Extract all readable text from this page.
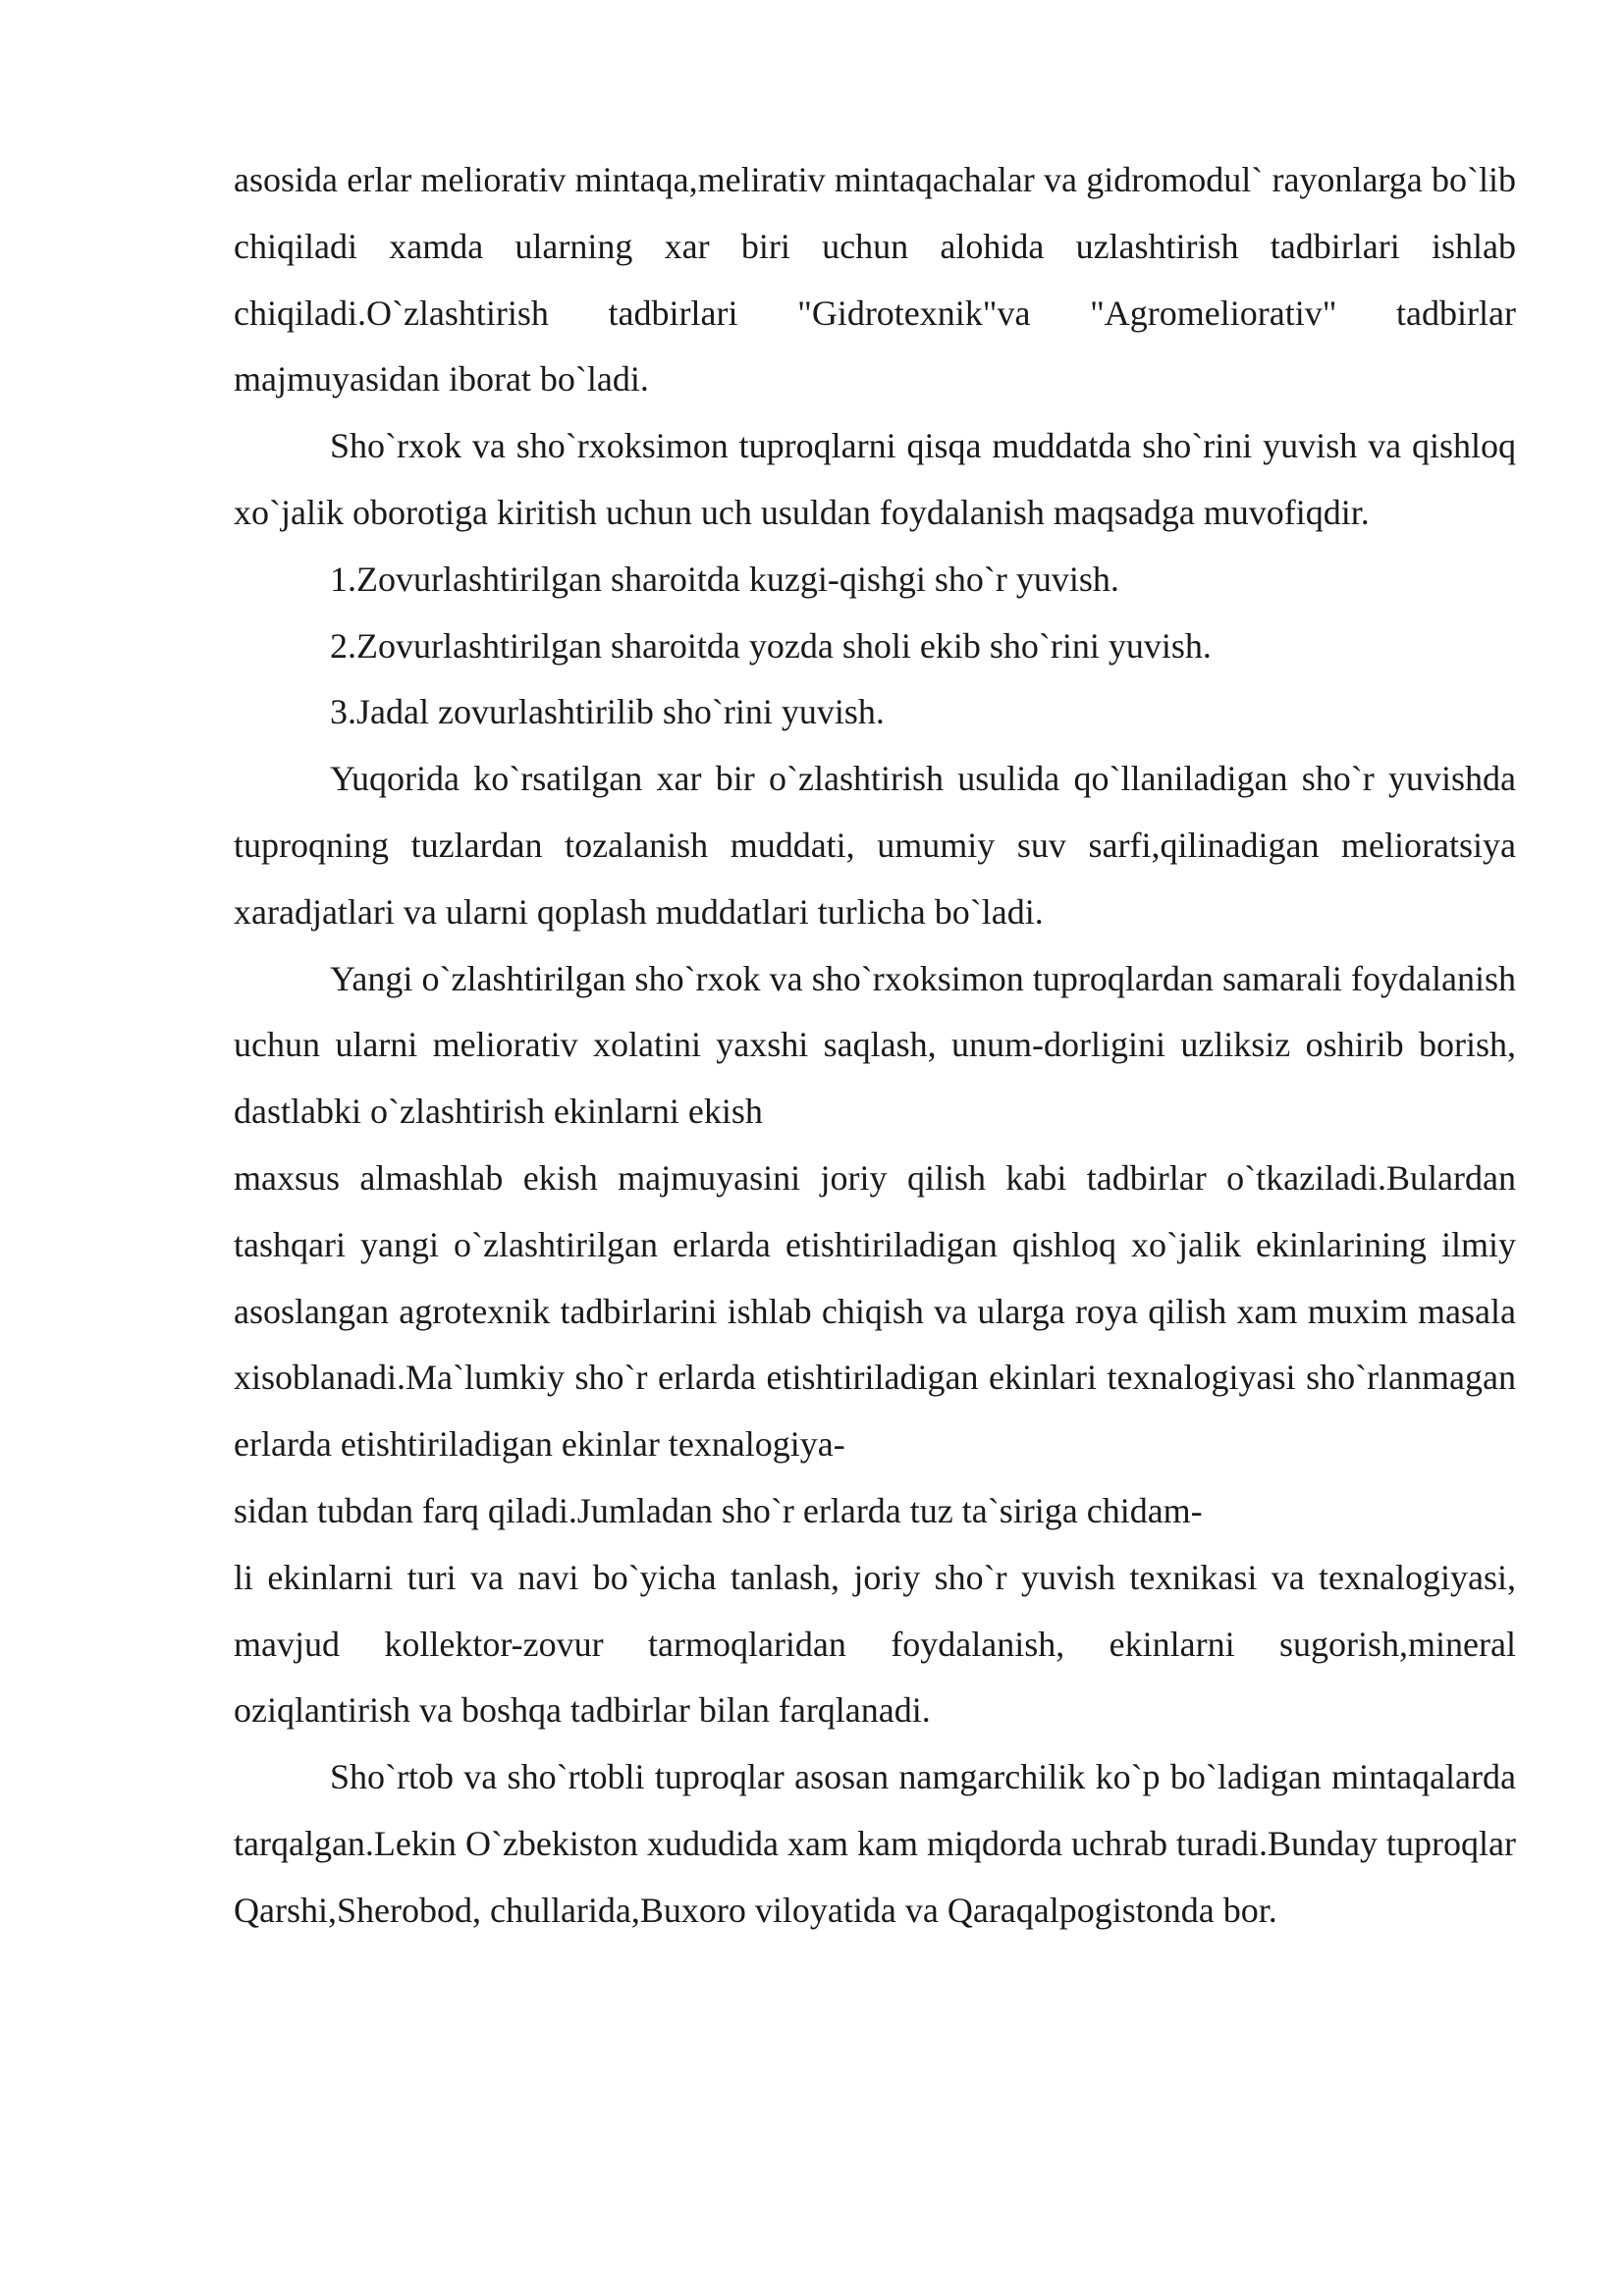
asosida erlar meliorativ mintaqa,melirativ mintaqachalar va gidromodul` rayonlarga bo`lib chiqiladi xamda ularning xar biri uchun alohida uzlashtirish tadbirlari ishlab chiqiladi.O`zlashtirish tadbirlari "Gidrotexnik"va "Agromeliorativ" tadbirlar majmuyasidan iborat bo`ladi.

Sho`rxok va sho`rxoksimon tuproqlarni qisqa muddatda sho`rini yuvish va qishloq xo`jalik oborotiga kiritish uchun uch usuldan foydalanish maqsadga muvofiqdir.

1.Zovurlashtirilgan sharoitda kuzgi-qishgi sho`r yuvish.

2.Zovurlashtirilgan sharoitda yozda sholi ekib sho`rini yuvish.

3.Jadal zovurlashtirilib sho`rini yuvish.

Yuqorida ko`rsatilgan xar bir o`zlashtirish usulida qo`llaniladigan sho`r yuvishda tuproqning tuzlardan tozalanish muddati, umumiy suv sarfi,qilinadigan melioratsiya xaradjatlari va ularni qoplash muddatlari turlicha bo`ladi.

Yangi o`zlashtirilgan sho`rxok va sho`rxoksimon tuproqlardan samarali foydalanish uchun ularni meliorativ xolatini yaxshi saqlash, unum-dorligini uzliksiz oshirib borish, dastlabki o`zlashtirish ekinlarni ekish

maxsus almashlab ekish majmuyasini joriy qilish kabi tadbirlar o`tkaziladi.Bulardan tashqari yangi o`zlashtirilgan erlarda etishtiriladigan qishloq xo`jalik ekinlarining ilmiy asoslangan agrotexnik tadbirlarini ishlab chiqish va ularga roya qilish xam muxim masala xisoblanadi.Ma`lumkiy sho`r erlarda etishtiriladigan ekinlari texnalogiyasi sho`rlanmagan erlarda etishtiriladigan ekinlar texnalogiya-

sidan tubdan farq qiladi.Jumladan sho`r erlarda tuz ta`siriga chidam-

li ekinlarni turi va navi bo`yicha tanlash, joriy sho`r yuvish texnikasi va texnalogiyasi, mavjud kollektor-zovur tarmoqlaridan foydalanish, ekinlarni sugorish,mineral oziqlantirish va boshqa tadbirlar bilan farqlanadi.

Sho`rtob va sho`rtobli tuproqlar asosan namgarchilik ko`p bo`ladigan mintaqalarda tarqalgan.Lekin O`zbekiston xududida xam kam miqdorda uchrab turadi.Bunday tuproqlar Qarshi,Sherobod, chullarida,Buxoro viloyatida va Qaraqalpogistonda bor.
